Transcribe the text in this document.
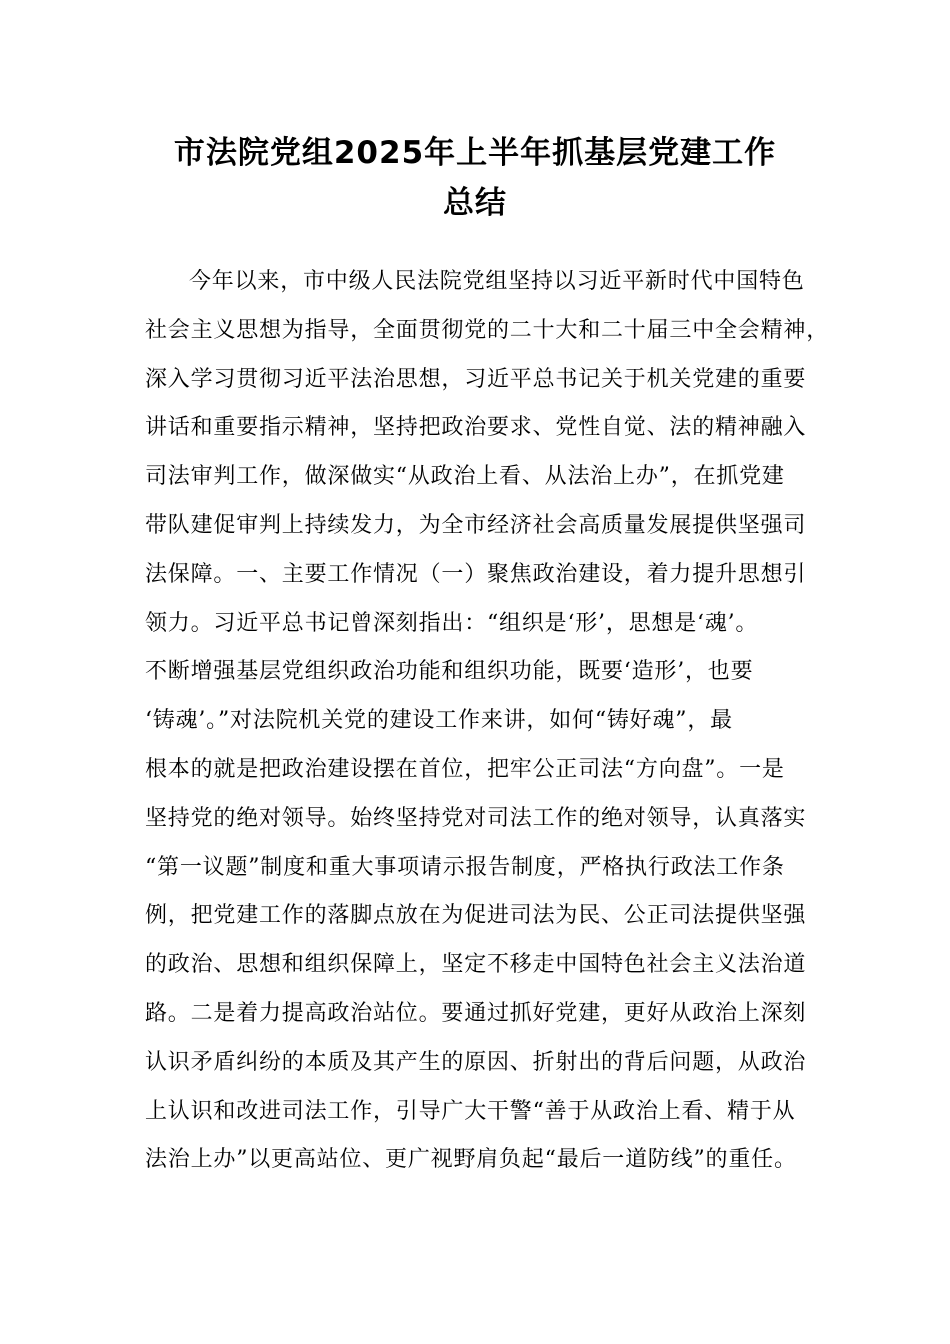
市法院党组2025年上半年抓基层党建工作
总结
今年以来，市中级人民法院党组坚持以习近平新时代中国特色
社会主义思想为指导，全面贯彻党的二十大和二十届三中全会精神，
深入学习贯彻习近平法治思想，习近平总书记关于机关党建的重要
讲话和重要指示精神，坚持把政治要求、党性自觉、法的精神融入
司法审判工作，做深做实“从政治上看、从法治上办”，在抓党建
带队建促审判上持续发力，为全市经济社会高质量发展提供坚强司
法保障。一、主要工作情况（一）聚焦政治建设，着力提升思想引
领力。习近平总书记曾深刻指出：“组织是‘形’，思想是‘魂’。
不断增强基层党组织政治功能和组织功能，既要‘造形’，也要
‘铸魂’。”对法院机关党的建设工作来讲，如何“铸好魂”，最
根本的就是把政治建设摆在首位，把牢公正司法“方向盘”。一是
坚持党的绝对领导。始终坚持党对司法工作的绝对领导，认真落实
“第一议题”制度和重大事项请示报告制度，严格执行政法工作条
例，把党建工作的落脚点放在为促进司法为民、公正司法提供坚强
的政治、思想和组织保障上，坚定不移走中国特色社会主义法治道
路。二是着力提高政治站位。要通过抓好党建，更好从政治上深刻
认识矛盾纠纷的本质及其产生的原因、折射出的背后问题，从政治
上认识和改进司法工作，引导广大干警“善于从政治上看、精于从
法治上办”以更高站位、更广视野肩负起“最后一道防线”的重任。
